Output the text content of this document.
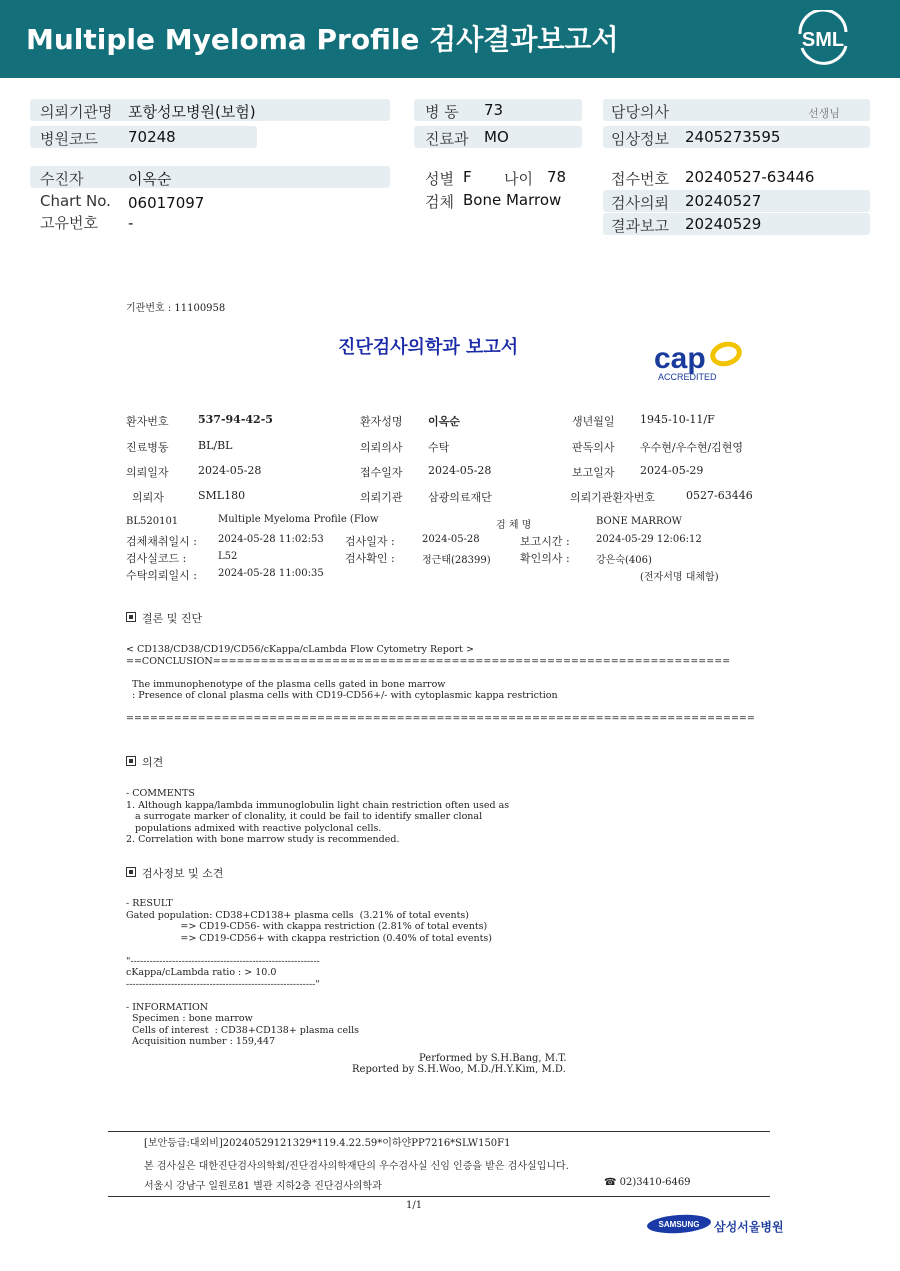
Multiple Myeloma Profile 검사결과보고서	SML
의뢰기관명 포항성모병원(보험)
병원코드 70248
병 동 73
진료과 MO
담당의사	선생님
임상정보 2405273595
수진자	이옥순
Chart No. 06017097
고유번호 -
성별 F 나이 78
검체 Bone Marrow
접수번호 20240527-63446
검사의뢰 20240527
결과보고 20240529
기관번호 : 11100958
진단검사의학과 보고서	cap
ACCREDITED
환자번호	537-94-42-5	환자성명 이옥순	생년월일 1945-10-11/F
진료병동	BL/BL	의뢰의사 수탁	판독의사 우수현/우수현/김현영
의뢰일자	2024-05-28	접수일자 2024-05-28	보고일자 2024-05-29
의뢰자	SML180	의뢰기관 삼광의료재단	의뢰기관환자번호	0527-63446
BL520101	Multiple Myeloma Profile (Flow
검 체 명	BONE MARROW
검체채취일시 : 2024-05-28 11:02:53 검사일자 :	2024-05-28	보고시간 :	2024-05-29 12:06:12
검사실코드 :	L52	검사확인 :	정근태(28399)	확인의사 :	강은숙(406)
수탁의뢰일시 : 2024-05-28 11:00:35	(전자서명 대체함)
결론 및 진단
< CD138/CD38/CD19/CD56/cKappa/cLambda Flow Cytometry Report >
==CONCLUSION=================================================================

The immunophenotype of the plasma cells gated in bone marrow
: Presence of clonal plasma cells with CD19-CD56+/- with cytoplasmic kappa restriction

===============================================================================
의견
- COMMENTS
1. Although kappa/lambda immunoglobulin light chain restriction often used as
a surrogate marker of clonality, it could be fail to identify smaller clonal
populations admixed with reactive polyclonal cells.
2. Correlation with bone marrow study is recommended.
검사정보 및 소견
- RESULT
Gated population: CD38+CD138+ plasma cells  (3.21% of total events)
=> CD19-CD56- with ckappa restriction (2.81% of total events)
=> CD19-CD56+ with ckappa restriction (0.40% of total events)

"-----------------------------------------------------------
cKappa/cLambda ratio : > 10.0
-----------------------------------------------------------"

- INFORMATION
Specimen : bone marrow
Cells of interest  : CD38+CD138+ plasma cells
Acquisition number : 159,447
Performed by S.H.Bang, M.T.
Reported by S.H.Woo, M.D./H.Y.Kim, M.D.
[보안등급:대외비]20240529121329*119.4.22.59*이하얀PP7216*SLW150F1
본 검사실은 대한진단검사의학회/진단검사의학재단의 우수검사실 신임 인증을 받은 검사실입니다.
서울시 강남구 일원로81 별관 지하2층 진단검사의학과	☎ 02)3410-6469
1/1
SAMSUNG 삼성서울병원
